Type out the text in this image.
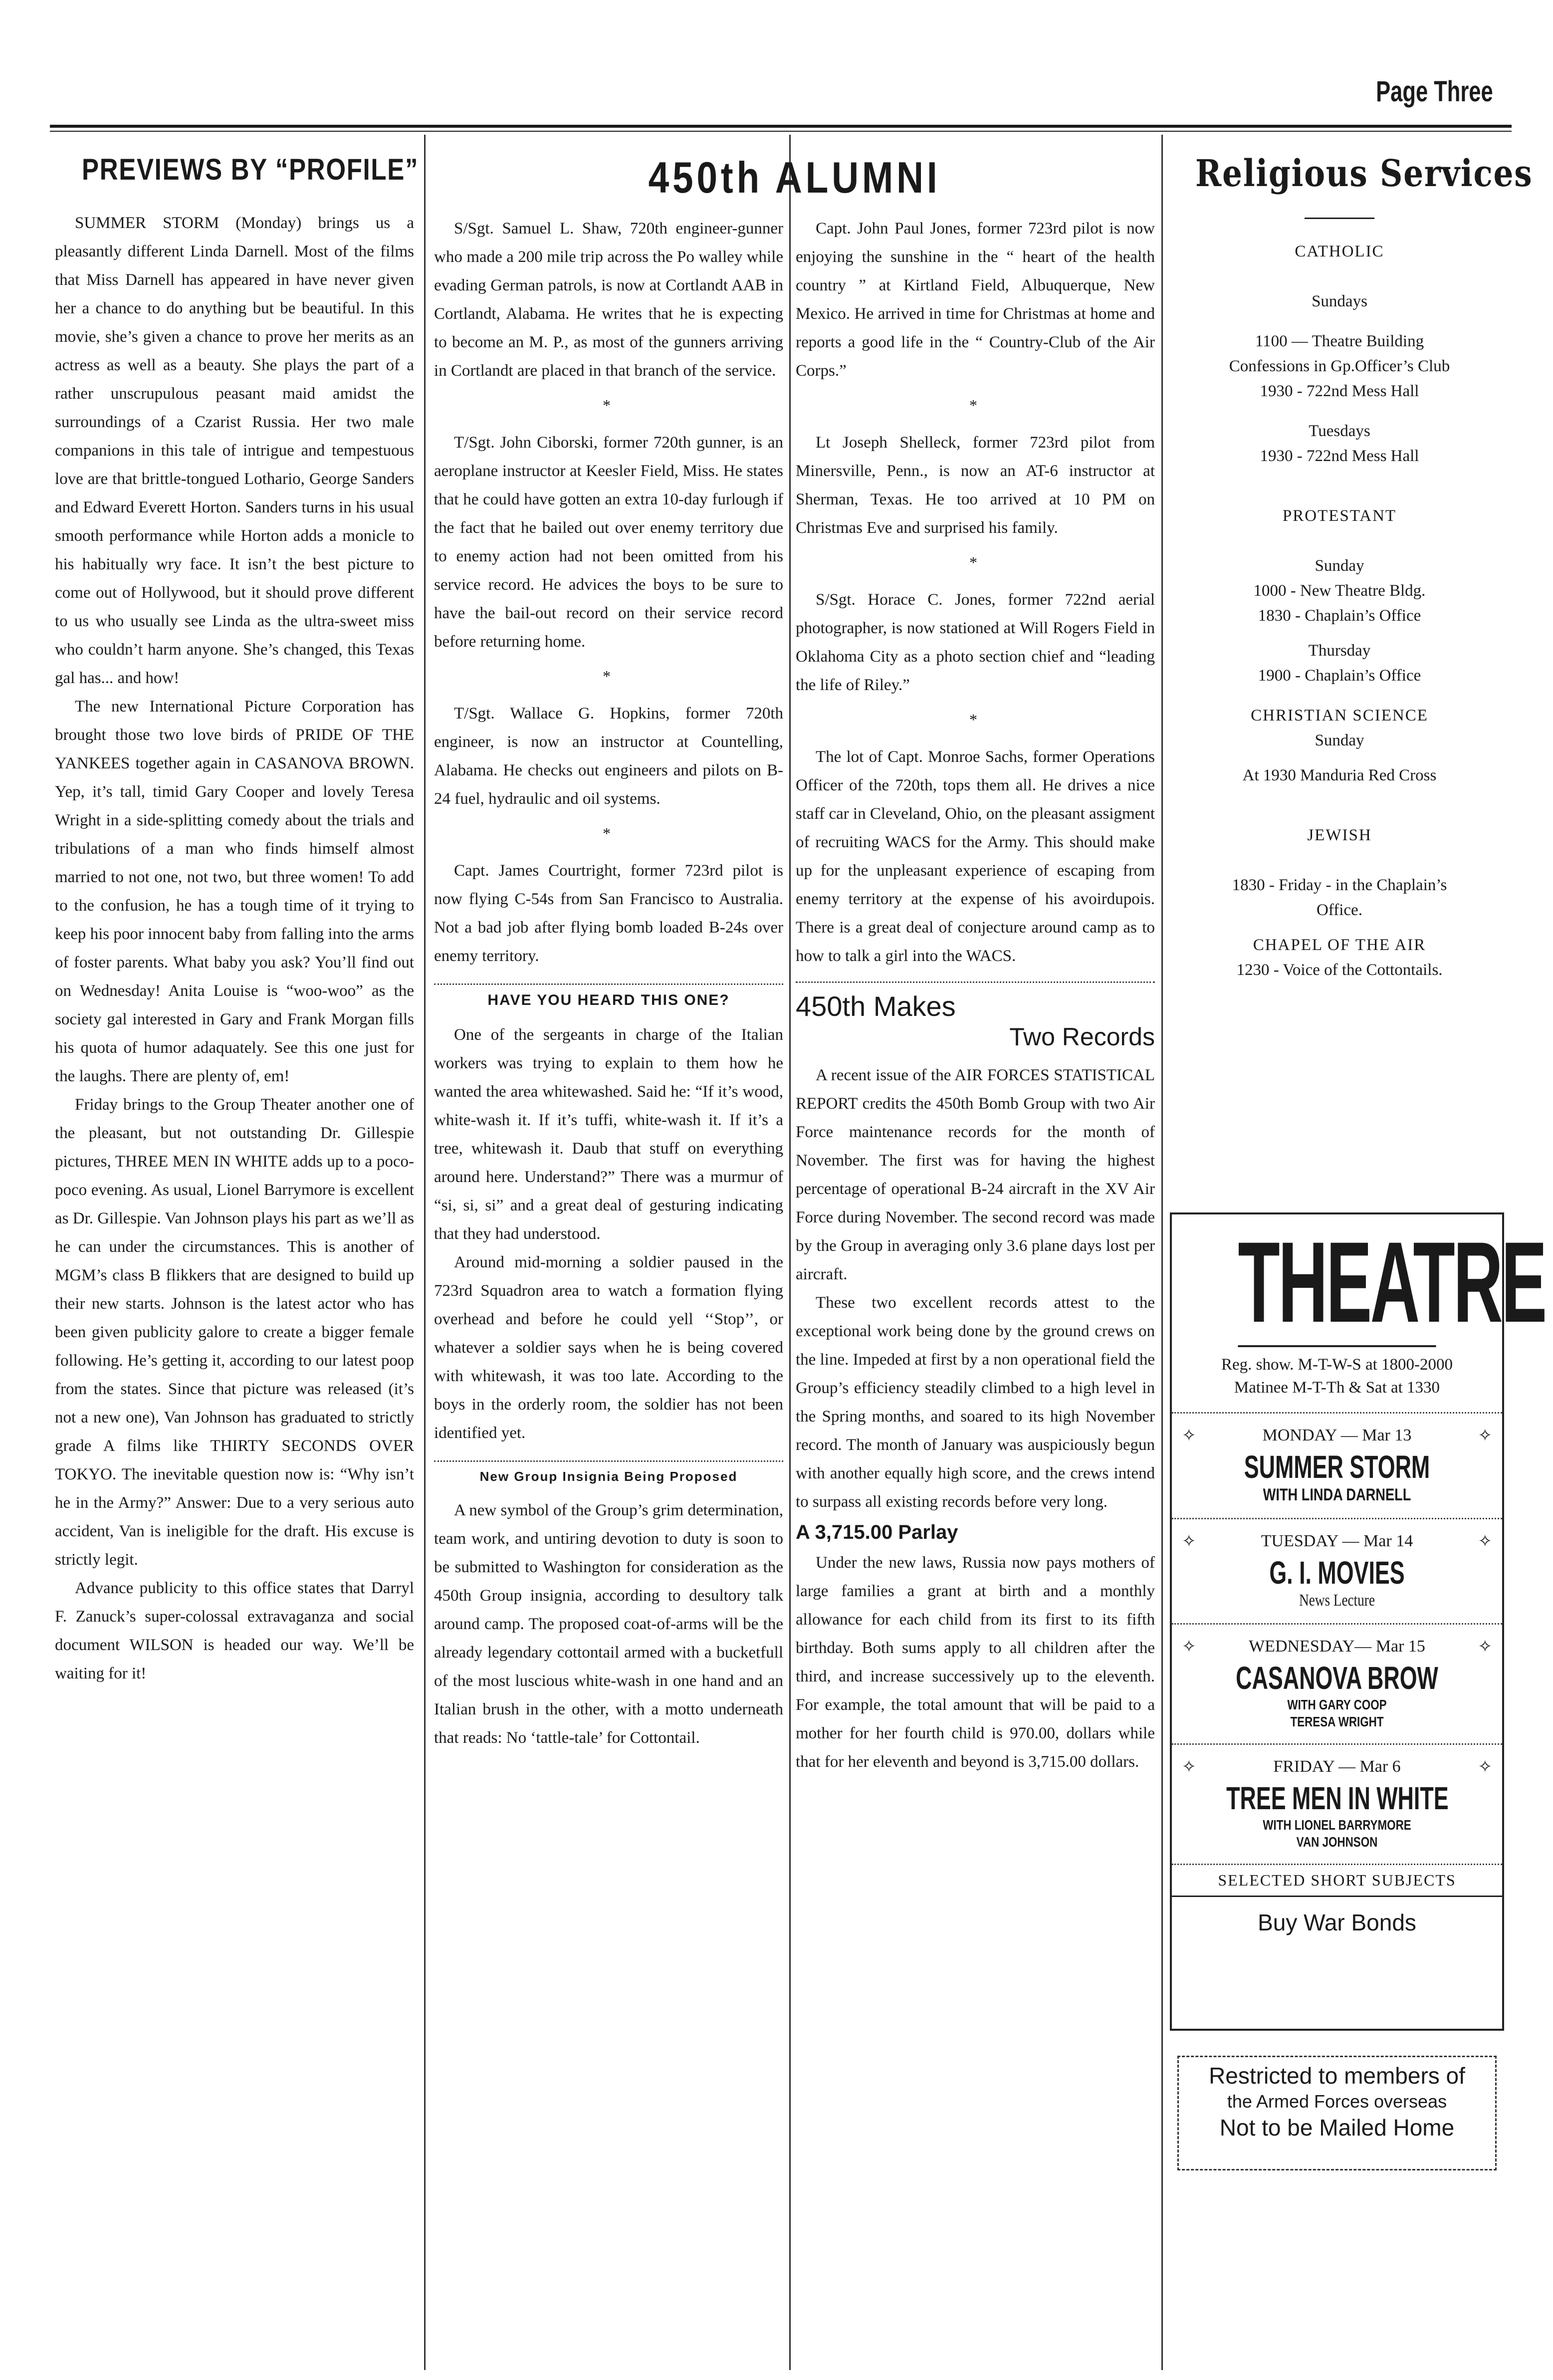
Page Three
PREVIEWS BY “PROFILE”

SUMMER STORM (Monday) brings us a pleasantly different Linda Darnell. Most of the films that Miss Darnell has appeared in have never given her a chance to do anything but be beautiful. In this movie, she’s given a chance to prove her merits as an actress as well as a beauty. She plays the part of a rather unscrupulous peasant maid amidst the surroundings of a Czarist Russia. Her two male companions in this tale of intrigue and tempestuous love are that brittle-tongued Lothario, George Sanders and Edward Everett Horton. Sanders turns in his usual smooth performance while Horton adds a monicle to his habitually wry face. It isn’t the best picture to come out of Hollywood, but it should prove different to us who usually see Linda as the ultra-sweet miss who couldn’t harm anyone. She’s changed, this Texas gal has... and how!

The new International Picture Corporation has brought those two love birds of PRIDE OF THE YANKEES together again in CASANOVA BROWN. Yep, it’s tall, timid Gary Cooper and lovely Teresa Wright in a side-splitting comedy about the trials and tribulations of a man who finds himself almost married to not one, not two, but three women! To add to the confusion, he has a tough time of it trying to keep his poor innocent baby from falling into the arms of foster parents. What baby you ask? You’ll find out on Wednesday! Anita Louise is “woo-woo” as the society gal interested in Gary and Frank Morgan fills his quota of humor adaquately. See this one just for the laughs. There are plenty of, em!

Friday brings to the Group Theater another one of the pleasant, but not outstanding Dr. Gillespie pictures, THREE MEN IN WHITE adds up to a poco-poco evening. As usual, Lionel Barrymore is excellent as Dr. Gillespie. Van Johnson plays his part as we’ll as he can under the circumstances. This is another of MGM’s class B flikkers that are designed to build up their new starts. Johnson is the latest actor who has been given publicity galore to create a bigger female following. He’s getting it, according to our latest poop from the states. Since that picture was released (it’s not a new one), Van Johnson has graduated to strictly grade A films like THIRTY SECONDS OVER TOKYO. The inevitable question now is: “Why isn’t he in the Army?” Answer: Due to a very serious auto accident, Van is ineligible for the draft. His excuse is strictly legit.

Advance publicity to this office states that Darryl F. Zanuck’s super-colossal extravaganza and social document WILSON is headed our way. We’ll be waiting for it!

450th ALUMNI

S/Sgt. Samuel L. Shaw, 720th engineer-gunner who made a 200 mile trip across the Po walley while evading German patrols, is now at Cortlandt AAB in Cortlandt, Alabama. He writes that he is expecting to become an M. P., as most of the gunners arriving in Cortlandt are placed in that branch of the service.

*

T/Sgt. John Ciborski, former 720th gunner, is an aeroplane instructor at Keesler Field, Miss. He states that he could have gotten an extra 10-day furlough if the fact that he bailed out over enemy territory due to enemy action had not been omitted from his service record. He advices the boys to be sure to have the bail-out record on their service record before returning home.

*

T/Sgt. Wallace G. Hopkins, former 720th engineer, is now an instructor at Countelling, Alabama. He checks out engineers and pilots on B-24 fuel, hydraulic and oil systems.

*

Capt. James Courtright, former 723rd pilot is now flying C-54s from San Francisco to Australia. Not a bad job after flying bomb loaded B-24s over enemy territory.

HAVE YOU HEARD THIS ONE?

One of the sergeants in charge of the Italian workers was trying to explain to them how he wanted the area whitewashed. Said he: “If it’s wood, white-wash it. If it’s tuffi, white-wash it. If it’s a tree, whitewash it. Daub that stuff on everything around here. Understand?” There was a murmur of “si, si, si” and a great deal of gesturing indicating that they had understood.

Around mid-morning a soldier paused in the 723rd Squadron area to watch a formation flying overhead and before he could yell ‘‘Stop’’, or whatever a soldier says when he is being covered with whitewash, it was too late. According to the boys in the orderly room, the soldier has not been identified yet.

New Group Insignia Being Proposed

A new symbol of the Group’s grim determination, team work, and untiring devotion to duty is soon to be submitted to Washington for consideration as the 450th Group insignia, according to desultory talk around camp. The proposed coat-of-arms will be the already legendary cottontail armed with a bucketfull of the most luscious white-wash in one hand and an Italian brush in the other, with a motto underneath that reads: No ‘tattle-tale’ for Cottontail.

Capt. John Paul Jones, former 723rd pilot is now enjoying the sunshine in the “ heart of the health country ” at Kirtland Field, Albuquerque, New Mexico. He arrived in time for Christmas at home and reports a good life in the “ Country-Club of the Air Corps.”

*

Lt Joseph Shelleck, former 723rd pilot from Minersville, Penn., is now an AT-6 instructor at Sherman, Texas. He too arrived at 10 PM on Christmas Eve and surprised his family.

*

S/Sgt. Horace C. Jones, former 722nd aerial photographer, is now stationed at Will Rogers Field in Oklahoma City as a photo section chief and “leading the life of Riley.”

*

The lot of Capt. Monroe Sachs, former Operations Officer of the 720th, tops them all. He drives a nice staff car in Cleveland, Ohio, on the pleasant assigment of recruiting WACS for the Army. This should make up for the unpleasant experience of escaping from enemy territory at the expense of his avoirdupois. There is a great deal of conjecture around camp as to how to talk a girl into the WACS.

450th Makes
Two Records

A recent issue of the AIR FORCES STATISTICAL REPORT credits the 450th Bomb Group with two Air Force maintenance records for the month of November. The first was for having the highest percentage of operational B-24 aircraft in the XV Air Force during November. The second record was made by the Group in averaging only 3.6 plane days lost per aircraft.

These two excellent records attest to the exceptional work being done by the ground crews on the line. Impeded at first by a non operational field the Group’s efficiency steadily climbed to a high level in the Spring months, and soared to its high November record. The month of January was auspiciously begun with another equally high score, and the crews intend to surpass all existing records before very long.

A 3,715.00 Parlay

Under the new laws, Russia now pays mothers of large families a grant at birth and a monthly allowance for each child from its first to its fifth birthday. Both sums apply to all children after the third, and increase successively up to the eleventh. For example, the total amount that will be paid to a mother for her fourth child is 970.00, dollars while that for her eleventh and beyond is 3,715.00 dollars.

Religious Services
CATHOLIC
Sundays
1100 — Theatre Building
Confessions in Gp.Officer’s Club
1930 - 722nd Mess Hall
Tuesdays
1930 - 722nd Mess Hall
PROTESTANT
Sunday
1000 - New Theatre Bldg.
1830 - Chaplain’s Office
Thursday
1900 - Chaplain’s Office
CHRISTIAN SCIENCE
Sunday
At 1930 Manduria Red Cross
JEWISH
1830 - Friday - in the Chaplain’s Office.
CHAPEL OF THE AIR
1230 - Voice of the Cottontails.
THEATRE
Reg. show. M-T-W-S at 1800-2000
Matinee M-T-Th & Sat at 1330
✧	MONDAY — Mar 13	✧
SUMMER STORM
WITH LINDA DARNELL
✧	TUESDAY — Mar 14	✧
G. I. MOVIES
News Lecture
✧	WEDNESDAY— Mar 15	✧
CASANOVA BROW
WITH GARY COOP
TERESA WRIGHT
✧	FRIDAY — Mar 6	✧
TREE MEN IN WHITE
WITH LIONEL BARRYMORE
VAN JOHNSON
SELECTED SHORT SUBJECTS
Buy War Bonds
Restricted to members of
the Armed Forces overseas
Not to be Mailed Home
